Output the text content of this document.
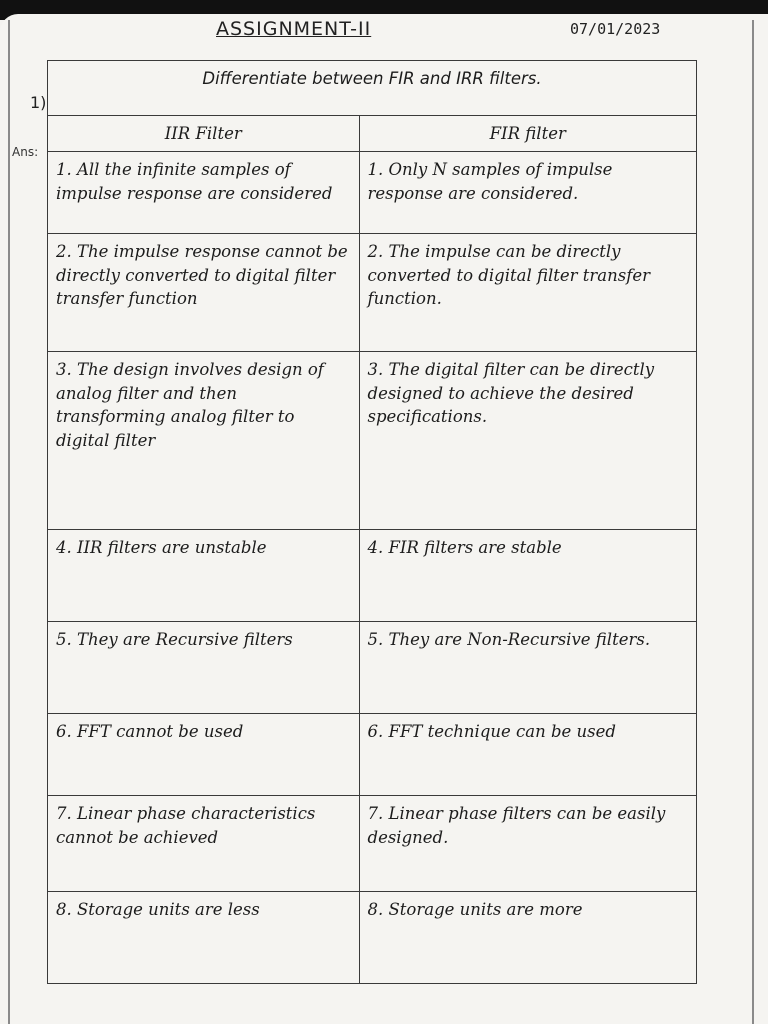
ASSIGNMENT-II	07/01/2023
1)
Ans:
Differentiate between FIR and IRR filters.	
IIR Filter	FIR filter
1. All the infinite samples of impulse response are considered	1. Only N samples of impulse response are considered.
2. The impulse response cannot be directly converted to digital filter transfer function	2. The impulse can be directly converted to digital filter transfer function.
3. The design involves design of analog filter and then transforming analog filter to digital filter	3. The digital filter can be directly designed to achieve the desired specifications.
4. IIR filters are unstable	4. FIR filters are stable
5. They are Recursive filters	5. They are Non-Recursive filters.
6. FFT cannot be used	6. FFT technique can be used
7. Linear phase characteristics cannot be achieved	7. Linear phase filters can be easily designed.
8. Storage units are less	8. Storage units are more
